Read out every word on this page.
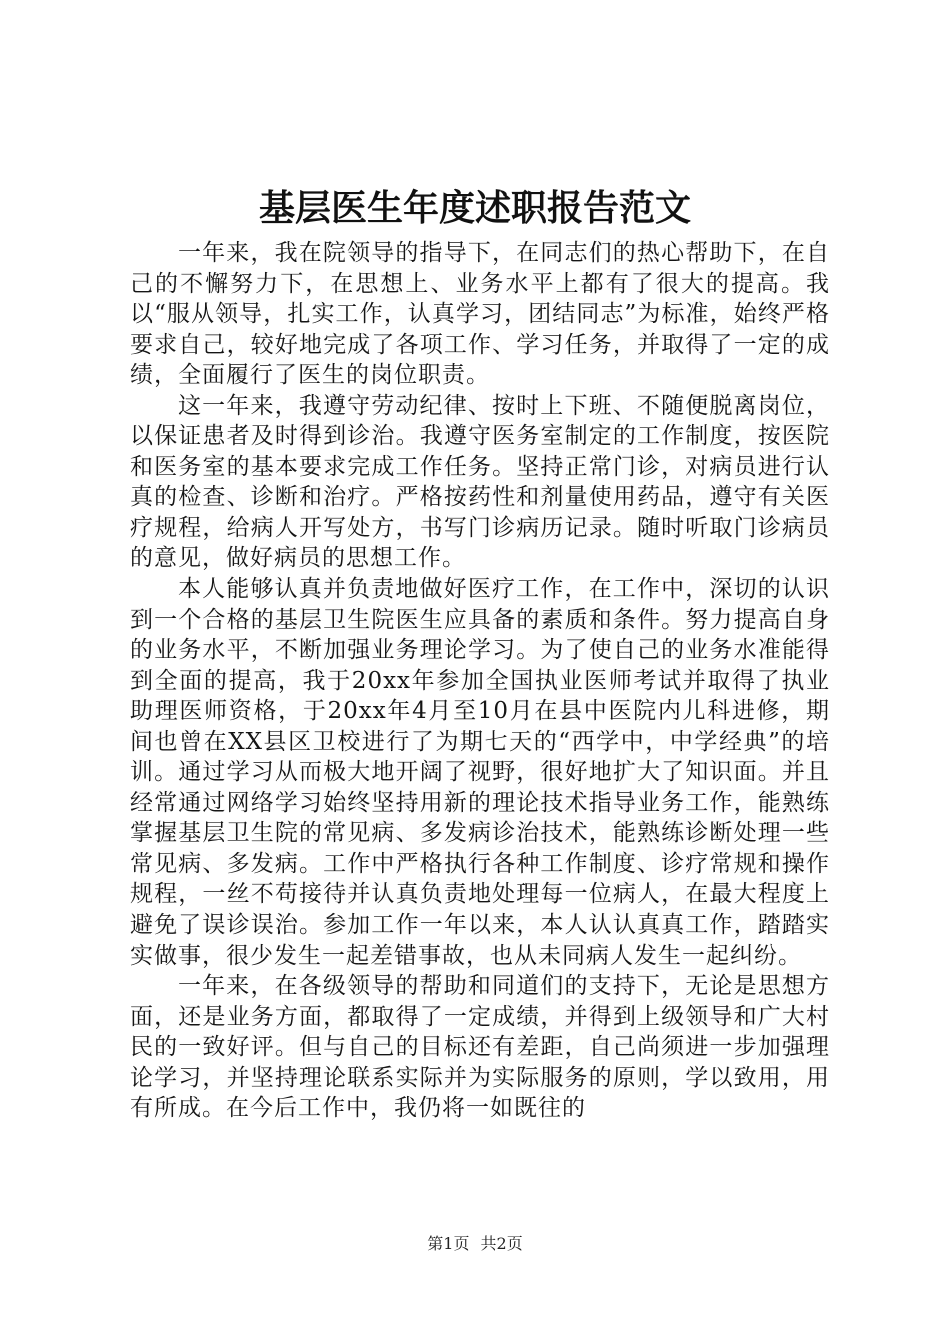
基层医生年度述职报告范文

一年来，我在院领导的指导下，在同志们的热心帮助下，在自己的不懈努力下，在思想上、业务水平上都有了很大的提高。我以“服从领导，扎实工作，认真学习，团结同志”为标准，始终严格要求自己，较好地完成了各项工作、学习任务，并取得了一定的成绩，全面履行了医生的岗位职责。

这一年来，我遵守劳动纪律、按时上下班、不随便脱离岗位，以保证患者及时得到诊治。我遵守医务室制定的工作制度，按医院和医务室的基本要求完成工作任务。坚持正常门诊，对病员进行认真的检查、诊断和治疗。严格按药性和剂量使用药品，遵守有关医疗规程，给病人开写处方，书写门诊病历记录。随时听取门诊病员的意见，做好病员的思想工作。

本人能够认真并负责地做好医疗工作，在工作中，深切的认识到一个合格的基层卫生院医生应具备的素质和条件。努力提高自身的业务水平，不断加强业务理论学习。为了使自己的业务水准能得到全面的提高，我于20xx年参加全国执业医师考试并取得了执业助理医师资格，于20xx年4月至10月在县中医院内儿科进修，期间也曾在XX县区卫校进行了为期七天的“西学中，中学经典”的培训。通过学习从而极大地开阔了视野，很好地扩大了知识面。并且经常通过网络学习始终坚持用新的理论技术指导业务工作，能熟练掌握基层卫生院的常见病、多发病诊治技术，能熟练诊断处理一些常见病、多发病。工作中严格执行各种工作制度、诊疗常规和操作规程，一丝不苟接待并认真负责地处理每一位病人，在最大程度上避免了误诊误治。参加工作一年以来，本人认认真真工作，踏踏实实做事，很少发生一起差错事故，也从未同病人发生一起纠纷。

一年来，在各级领导的帮助和同道们的支持下，无论是思想方面，还是业务方面，都取得了一定成绩，并得到上级领导和广大村民的一致好评。但与自己的目标还有差距，自己尚须进一步加强理论学习，并坚持理论联系实际并为实际服务的原则，学以致用，用有所成。在今后工作中，我仍将一如既往的

第1页 共2页
